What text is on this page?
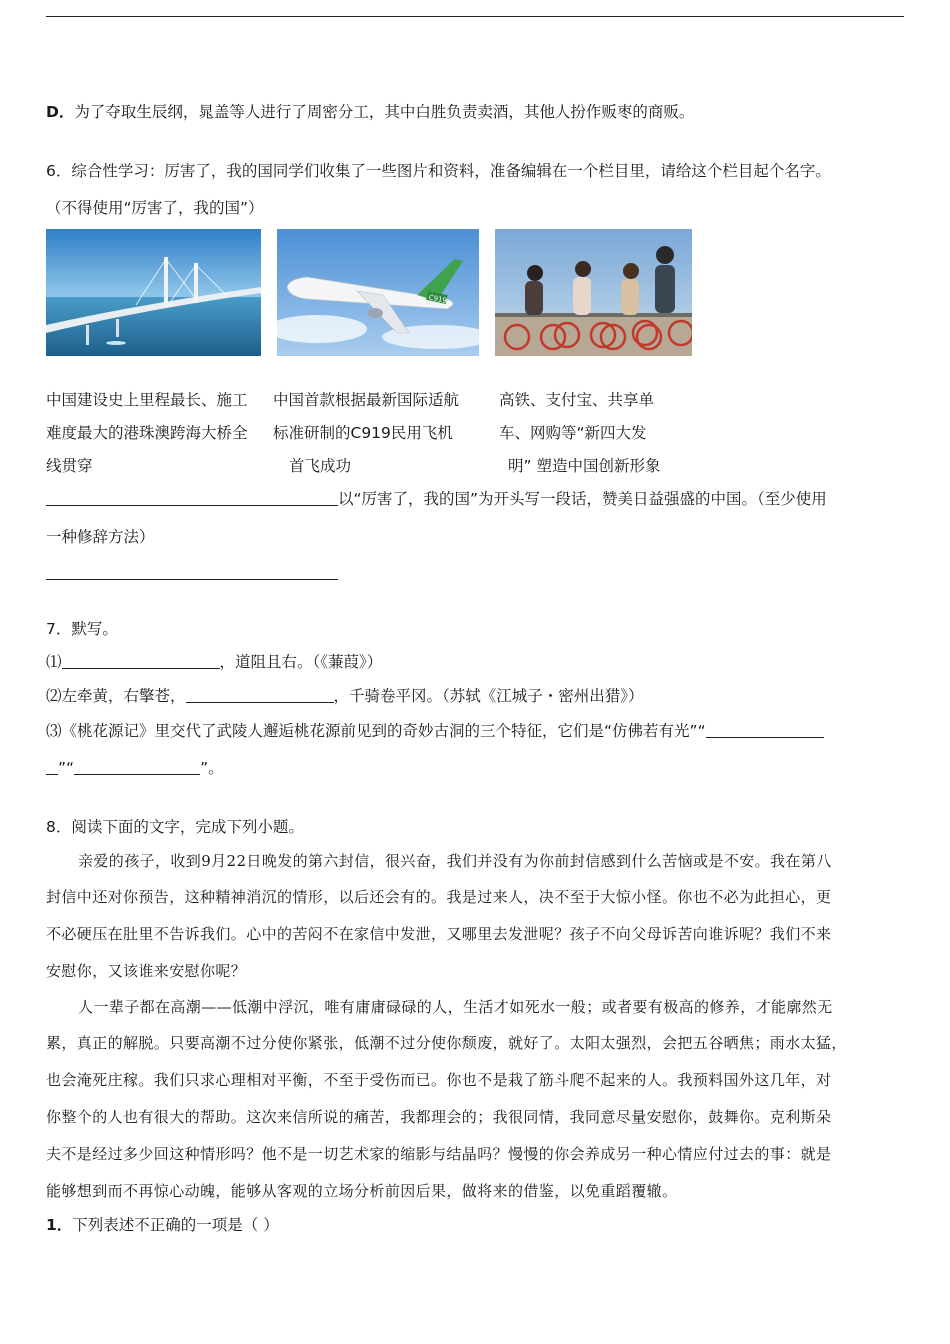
D．为了夺取生辰纲，晁盖等人进行了周密分工，其中白胜负责卖酒，其他人扮作贩枣的商贩。
6．综合性学习：厉害了，我的国同学们收集了一些图片和资料，准备编辑在一个栏目里，请给这个栏目起个名字。
（不得使用“厉害了，我的国”）
C919
中国建设史上里程最长、施工
难度最大的港珠澳跨海大桥全
线贯穿
中国首款根据最新国际适航
标准研制的C919民用飞机
首飞成功
高铁、支付宝、共享单
车、网购等“新四大发
明” 塑造中国创新形象
以“厉害了，我的国”为开头写一段话，赞美日益强盛的中国。（至少使用
一种修辞方法）
7．默写。
⑴	，道阻且右。（《蒹葭》）
⑵左牵黄，右擎苍，	，千骑卷平冈。（苏轼《江城子・密州出猎》）
⑶《桃花源记》里交代了武陵人邂逅桃花源前见到的奇妙古洞的三个特征，它们是“仿佛若有光”“
”“	”。
8．阅读下面的文字，完成下列小题。
亲爱的孩子，收到9月22日晚发的第六封信，很兴奋，我们并没有为你前封信感到什么苦恼或是不安。我在第八
封信中还对你预告，这种精神消沉的情形，以后还会有的。我是过来人，决不至于大惊小怪。你也不必为此担心，更
不必硬压在肚里不告诉我们。心中的苦闷不在家信中发泄，又哪里去发泄呢？孩子不向父母诉苦向谁诉呢？我们不来
安慰你，又该谁来安慰你呢？
人一辈子都在高潮——低潮中浮沉，唯有庸庸碌碌的人，生活才如死水一般；或者要有极高的修养，才能廓然无
累，真正的解脱。只要高潮不过分使你紧张，低潮不过分使你颓废，就好了。太阳太强烈，会把五谷晒焦；雨水太猛，
也会淹死庄稼。我们只求心理相对平衡，不至于受伤而已。你也不是栽了筋斗爬不起来的人。我预料国外这几年，对
你整个的人也有很大的帮助。这次来信所说的痛苦，我都理会的；我很同情，我同意尽量安慰你，鼓舞你。克利斯朵
夫不是经过多少回这种情形吗？他不是一切艺术家的缩影与结晶吗？慢慢的你会养成另一种心情应付过去的事：就是
能够想到而不再惊心动魄，能够从客观的立场分析前因后果，做将来的借鉴，以免重蹈覆辙。
1．下列表述不正确的一项是（ ）
